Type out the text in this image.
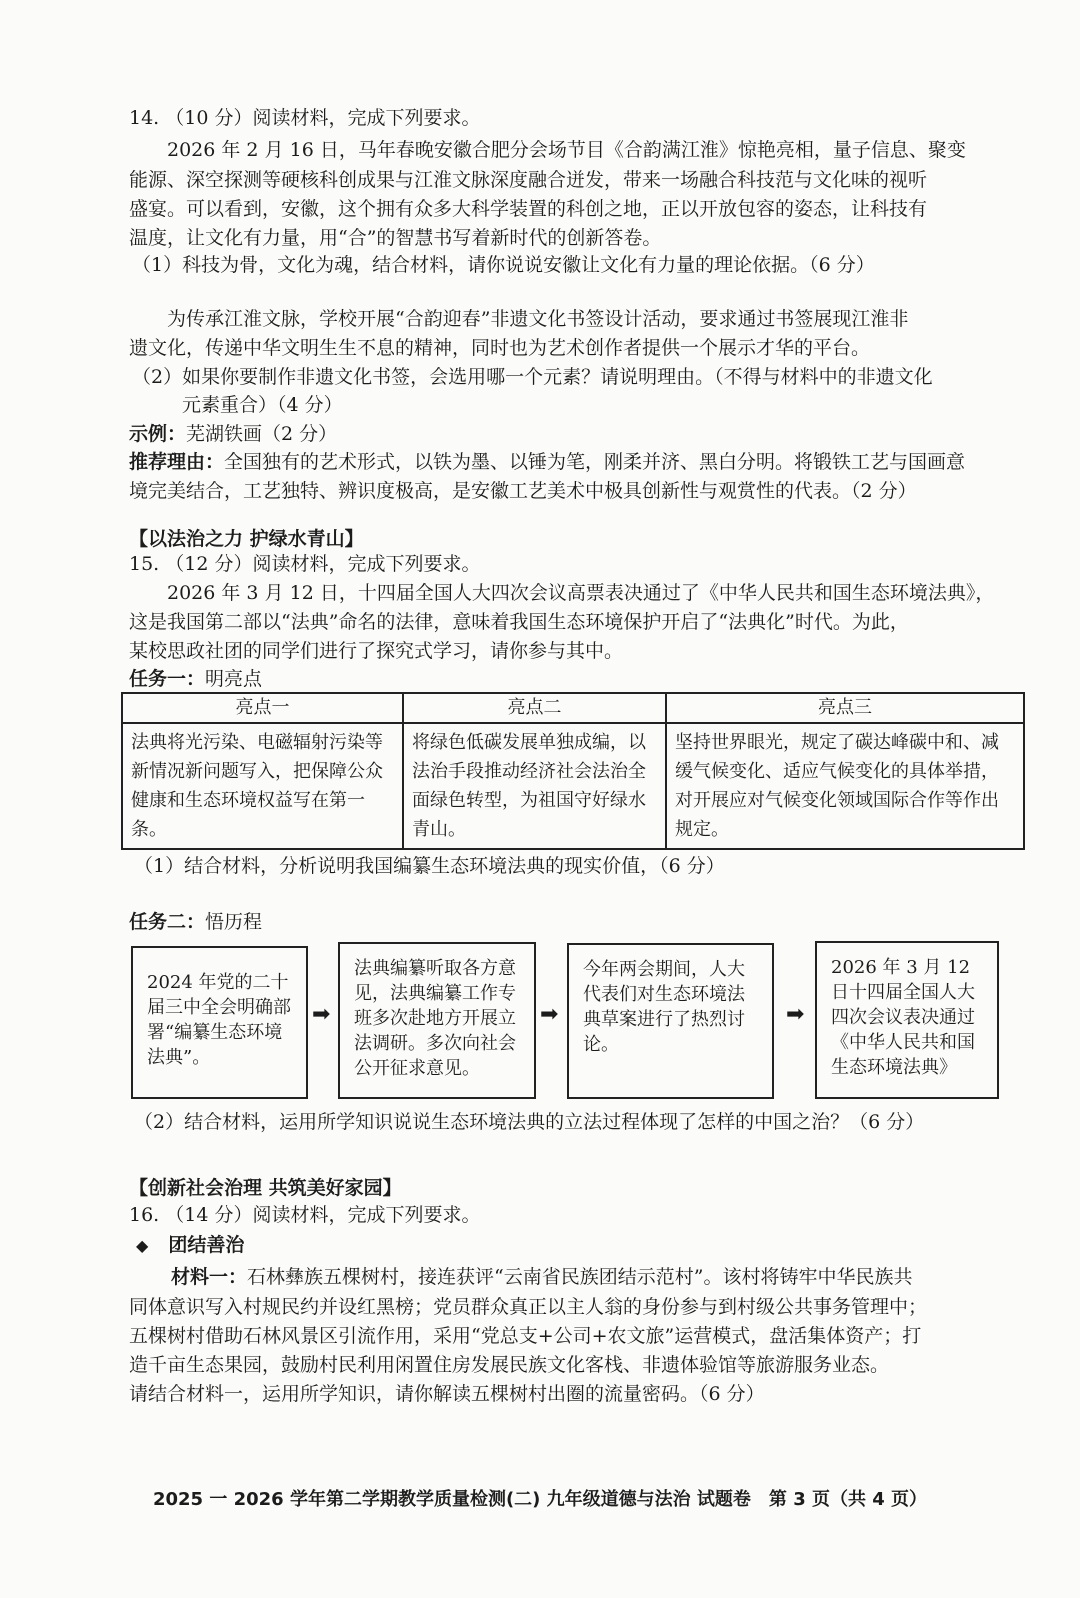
14. （10 分）阅读材料，完成下列要求。

2026 年 2 月 16 日，马年春晚安徽合肥分会场节目《合韵满江淮》惊艳亮相，量子信息、聚变

能源、深空探测等硬核科创成果与江淮文脉深度融合迸发，带来一场融合科技范与文化味的视听

盛宴。可以看到，安徽，这个拥有众多大科学装置的科创之地，正以开放包容的姿态，让科技有

温度，让文化有力量，用“合”的智慧书写着新时代的创新答卷。

（1）科技为骨，文化为魂，结合材料，请你说说安徽让文化有力量的理论依据。（6 分）

为传承江淮文脉，学校开展“合韵迎春”非遗文化书签设计活动，要求通过书签展现江淮非

遗文化，传递中华文明生生不息的精神，同时也为艺术创作者提供一个展示才华的平台。

（2）如果你要制作非遗文化书签，会选用哪一个元素？请说明理由。（不得与材料中的非遗文化

元素重合）（4 分）

示例：芜湖铁画（2 分）

推荐理由：全国独有的艺术形式，以铁为墨、以锤为笔，刚柔并济、黑白分明。将锻铁工艺与国画意

境完美结合，工艺独特、辨识度极高，是安徽工艺美术中极具创新性与观赏性的代表。（2 分）

【以法治之力 护绿水青山】

15. （12 分）阅读材料，完成下列要求。

2026 年 3 月 12 日，十四届全国人大四次会议高票表决通过了《中华人民共和国生态环境法典》，

这是我国第二部以“法典”命名的法律，意味着我国生态环境保护开启了“法典化”时代。为此，

某校思政社团的同学们进行了探究式学习，请你参与其中。

任务一：明亮点

亮点一	亮点二	亮点三
法典将光污染、电磁辐射污染等新情况新问题写入，把保障公众健康和生态环境权益写在第一条。	将绿色低碳发展单独成编，以法治手段推动经济社会法治全面绿色转型，为祖国守好绿水青山。	坚持世界眼光，规定了碳达峰碳中和、减缓气候变化、适应气候变化的具体举措，对开展应对气候变化领域国际合作等作出规定。

（1）结合材料，分析说明我国编纂生态环境法典的现实价值，（6 分）

任务二：悟历程

2024 年党的二十届三中全会明确部署“编纂生态环境法典”。
➡
法典编纂听取各方意见，法典编纂工作专班多次赴地方开展立法调研。多次向社会公开征求意见。
➡
今年两会期间，人大代表们对生态环境法典草案进行了热烈讨论。
➡
2026 年 3 月 12 日十四届全国人大四次会议表决通过《中华人民共和国生态环境法典》

（2）结合材料，运用所学知识说说生态环境法典的立法过程体现了怎样的中国之治？（6 分）

【创新社会治理 共筑美好家园】

16. （14 分）阅读材料，完成下列要求。

◆ 团结善治

材料一：石林彝族五棵树村，接连获评“云南省民族团结示范村”。该村将铸牢中华民族共

同体意识写入村规民约并设红黑榜；党员群众真正以主人翁的身份参与到村级公共事务管理中；

五棵树村借助石林风景区引流作用，采用“党总支+公司+农文旅”运营模式，盘活集体资产；打

造千亩生态果园，鼓励村民利用闲置住房发展民族文化客栈、非遗体验馆等旅游服务业态。

请结合材料一，运用所学知识，请你解读五棵树村出圈的流量密码。（6 分）

2025 一 2026 学年第二学期教学质量检测(二) 九年级道德与法治 试题卷　第 3 页（共 4 页）
